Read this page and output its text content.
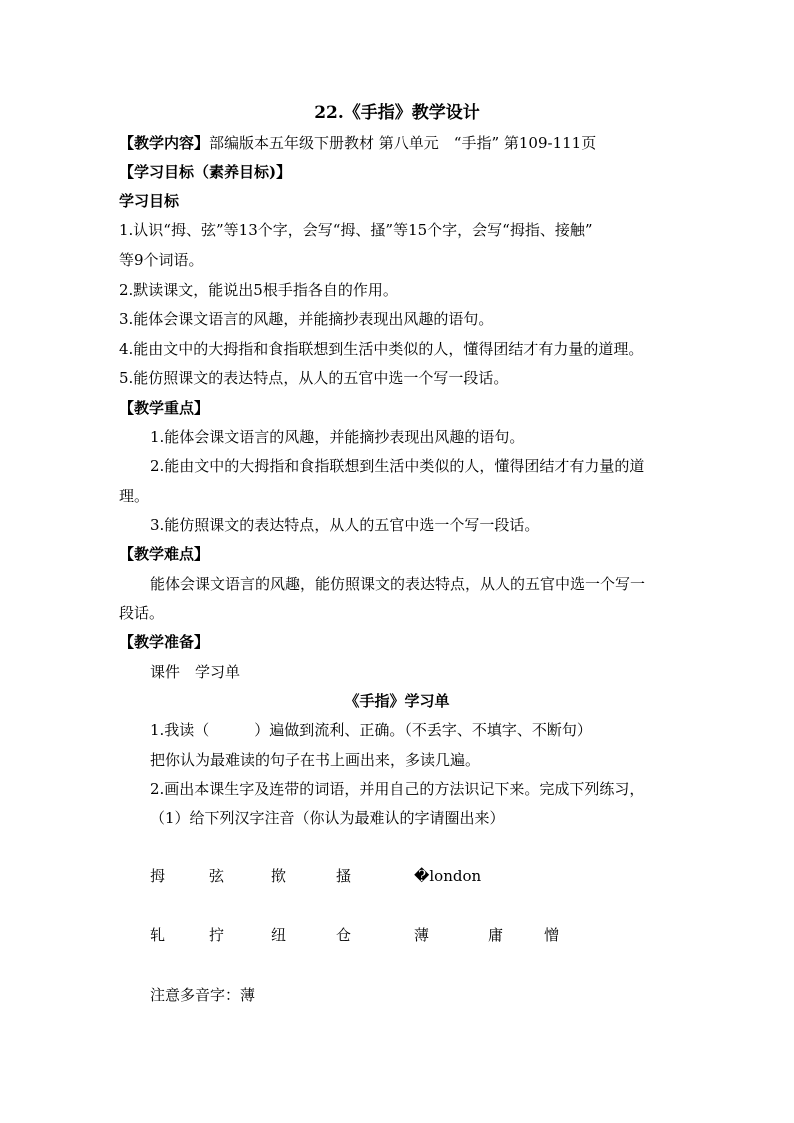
22.《手指》教学设计
【教学内容】部编版本五年级下册教材 第八单元　“手指” 第109-111页
【学习目标（素养目标)】
学习目标
1.认识“拇、弦”等13个字，会写“拇、搔”等15个字，会写“拇指、接触”
等9个词语。
2.默读课文，能说出5根手指各自的作用。
3.能体会课文语言的风趣，并能摘抄表现出风趣的语句。
4.能由文中的大拇指和食指联想到生活中类似的人，懂得团结才有力量的道理。
5.能仿照课文的表达特点，从人的五官中选一个写一段话。
【教学重点】
1.能体会课文语言的风趣，并能摘抄表现出风趣的语句。
2.能由文中的大拇指和食指联想到生活中类似的人，懂得团结才有力量的道
理。
3.能仿照课文的表达特点，从人的五官中选一个写一段话。
【教学难点】
能体会课文语言的风趣，能仿照课文的表达特点，从人的五官中选一个写一
段话。
【教学准备】
课件　学习单
《手指》学习单
1.我读（　　　）遍做到流利、正确。（不丢字、不填字、不断句）
把你认为最难读的句子在书上画出来，多读几遍。
2.画出本课生字及连带的词语，并用自己的方法识记下来。完成下列练习，
（1）给下列汉字注音（你认为最难认的字请圈出来）
拇	弦	揿	搔	�london
轧	拧	纽	仓	薄	庸	憎
注意多音字：薄
